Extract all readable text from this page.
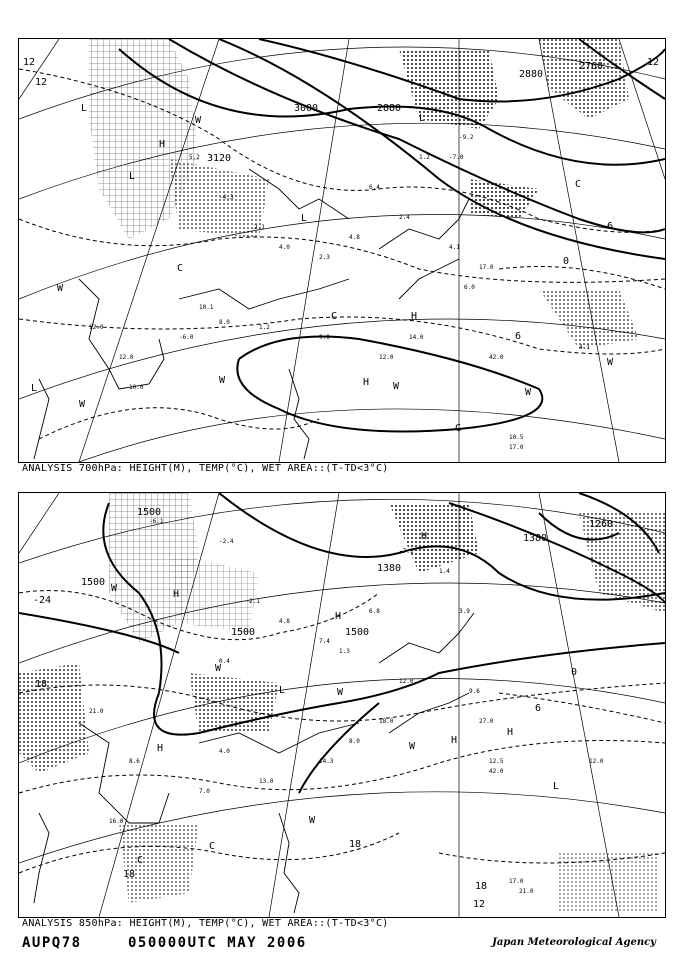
5.2
-4.3
2.1
4.0
2.3
4.8
6.4
2.4
1.2
4.1
6.0
17.0
10.1
8.0
-6.0
12.0
12.0
10.0
14.0
12.0	42.0
4.1
10.5
17.0
1.2
9.0
-7.0
-9.2
3000	2880
3120
2760
2880
12
12
-6
0
6
12
L
L
H
L
L
C
H
C
H W
W
W
W
W
W
W
C
L
C
ANALYSIS 700hPa: HEIGHT(M), TEMP(°C), WET AREA::(T-TD<3°C)
-6.1
-2.4
2.1
4.8
7.4
1.3
6.8
-7.1
1.4
3.9
9.6
27.0
12.0
18.0
8.0
14.3
4.0
7.0
13.0
8.6
16.0
21.0
12.5
42.0
12.0
17.0
21.0
0.4
1500
1500
1500
1380
1380
1260
1500
-24
18
18
18
18
0
6
12
H
H
H
L
W
W
W
H
H
C
C
W
L
H
W
ANALYSIS 850hPa: HEIGHT(M), TEMP(°C), WET AREA::(T-TD<3°C)
AUPQ78	050000UTC MAY 2006	Japan Meteorological Agency
